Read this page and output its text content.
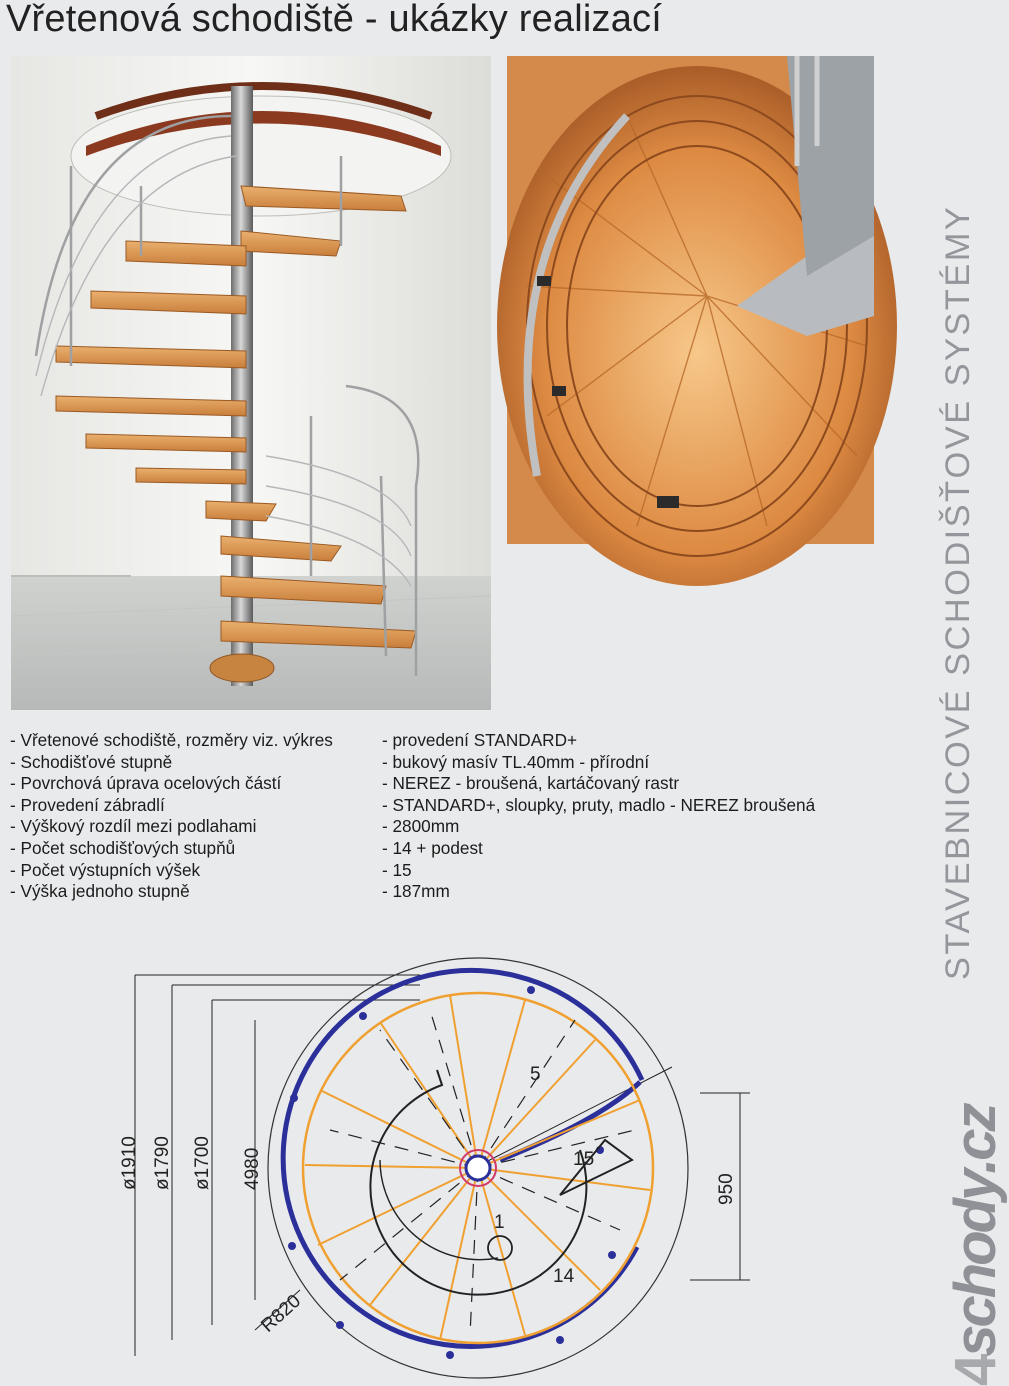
Vřetenová schodiště - ukázky realizací
- Vřetenové schodiště, rozměry viz. výkres	- provedení STANDARD+
- Schodišťové stupně	- bukový masív TL.40mm - přírodní
- Povrchová úprava ocelových částí	- NEREZ - broušená, kartáčovaný rastr
- Provedení zábradlí	- STANDARD+, sloupky, pruty, madlo - NEREZ broušená
- Výškový rozdíl mezi podlahami	- 2800mm
- Počet schodišťových stupňů	- 14 + podest
- Počet výstupních výšek	- 15
- Výška jednoho stupně	- 187mm	STAVEBNICOVÉ SCHODIŠŤOVÉ SYSTÉMY
4schody.cz
ø1910 ø1790 ø1700 4980
R820
950
5
15
1
14
